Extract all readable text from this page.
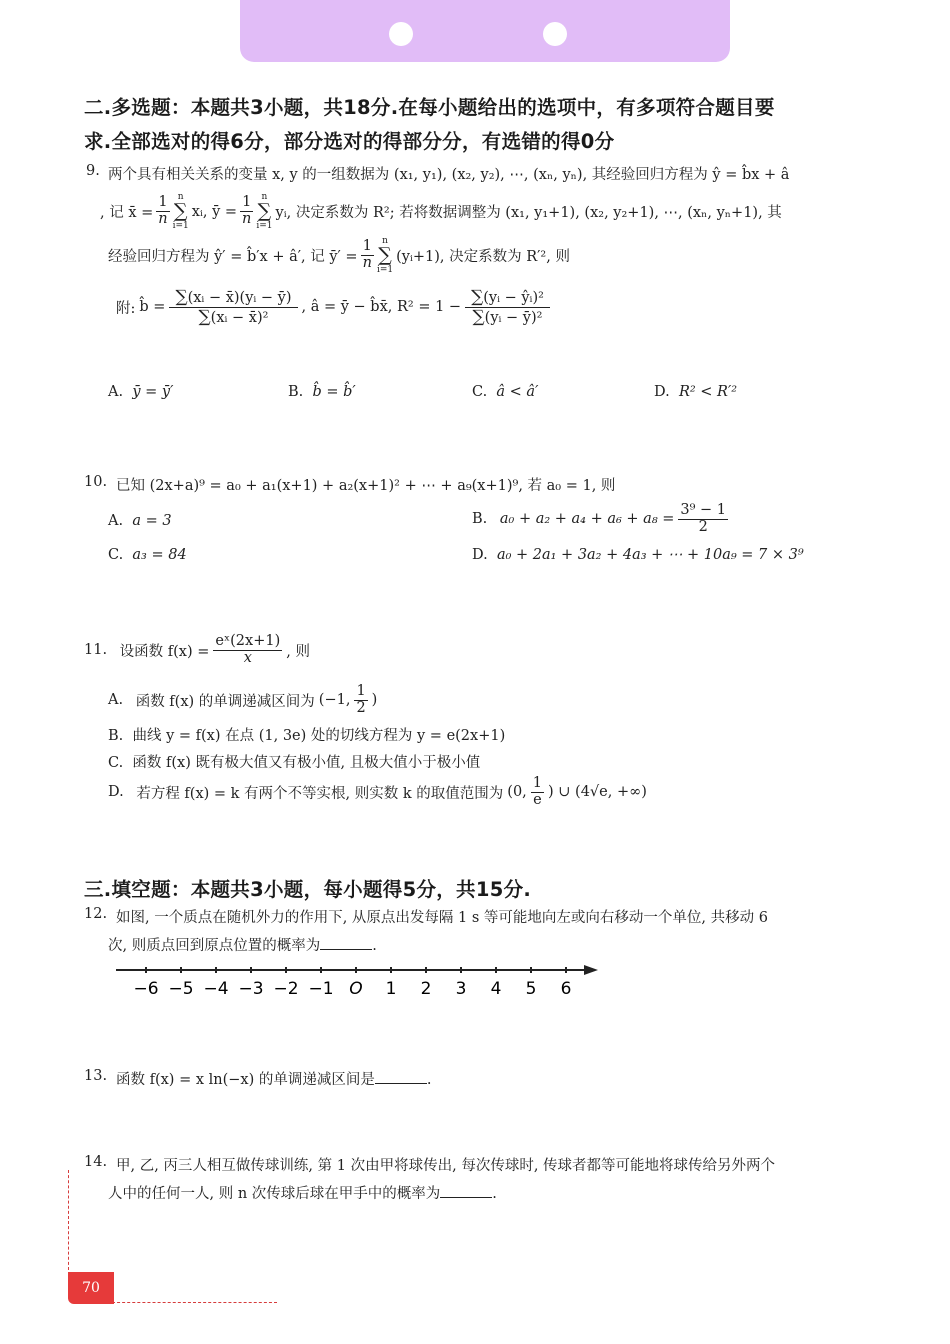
二.多选题：本题共3小题，共18分.在每小题给出的选项中，有多项符合题目要
求.全部选对的得6分，部分选对的得部分分，有选错的得0分
9. 两个具有相关关系的变量 x, y 的一组数据为 (x₁, y₁), (x₂, y₂), ⋯, (xₙ, yₙ), 其经验回归方程为 ŷ = b̂x + â
, 记 x̄ = $\frac{1}{n}$ n
∑
i=1
xᵢ, ȳ = $\frac{1}{n}$ n
∑
i=1
yᵢ, 决定系数为 R²; 若将数据调整为 (x₁, y₁+1), (x₂, y₂+1), ⋯, (xₙ, yₙ+1), 其
经验回归方程为 ŷ′ = b̂′x + â′, 记 ȳ′ = $\frac{1}{n}$ n
∑
i=1
(yᵢ+1), 决定系数为 R′², 则
附: b̂ = $\frac{\text{∑(xᵢ − x̄)(yᵢ − ȳ)}}{\text{∑(xᵢ − x̄)²}}$ , â = ȳ − b̂x̄, $R^2 = 1 - \frac{\text{∑(yᵢ − ŷᵢ)²}}{\text{∑(yᵢ − ȳ)²}}$
A. ȳ = ȳ′	B. b̂ = b̂′	C. â < â′	D. R² < R′²
10. 已知 (2x+a)⁹ = a₀ + a₁(x+1) + a₂(x+1)² + ⋯ + a₉(x+1)⁹, 若 a₀ = 1, 则
A. a = 3	B.
$a_0 + a_2 + a_4 + a_6 + a_8 = \frac{\text{3⁹ − 1}}{2}$
C. a₃ = 84	D. a₀ + 2a₁ + 3a₂ + 4a₃ + ⋯ + 10a₉ = 7 × 3⁹
11.
设函数 $f(x) = \frac{\text{eˣ(2x+1)}}{x}$ , 则
A.
函数 f(x) 的单调递减区间为 (−1, $\frac{1}{2}$ )
B. 曲线 y = f(x) 在点 (1, 3e) 处的切线方程为 y = e(2x+1)
C. 函数 f(x) 既有极大值又有极小值, 且极大值小于极小值
D.
若方程 f(x) = k 有两个不等实根, 则实数 k 的取值范围为 (0, $\frac{1}{e}$ ) ∪ (4√e, +∞)
三.填空题：本题共3小题，每小题得5分，共15分.
12. 如图, 一个质点在随机外力的作用下, 从原点出发每隔 1 s 等可能地向左或向右移动一个单位, 共移动 6
次, 则质点回到原点位置的概率为	.
−6 −5 −4 −3 −2 −1 O 1 2 3 4 5 6
13. 函数 f(x) = x ln(−x) 的单调递减区间是	.
14. 甲, 乙, 丙三人相互做传球训练, 第 1 次由甲将球传出, 每次传球时, 传球者都等可能地将球传给另外两个
人中的任何一人, 则 n 次传球后球在甲手中的概率为	.
70
